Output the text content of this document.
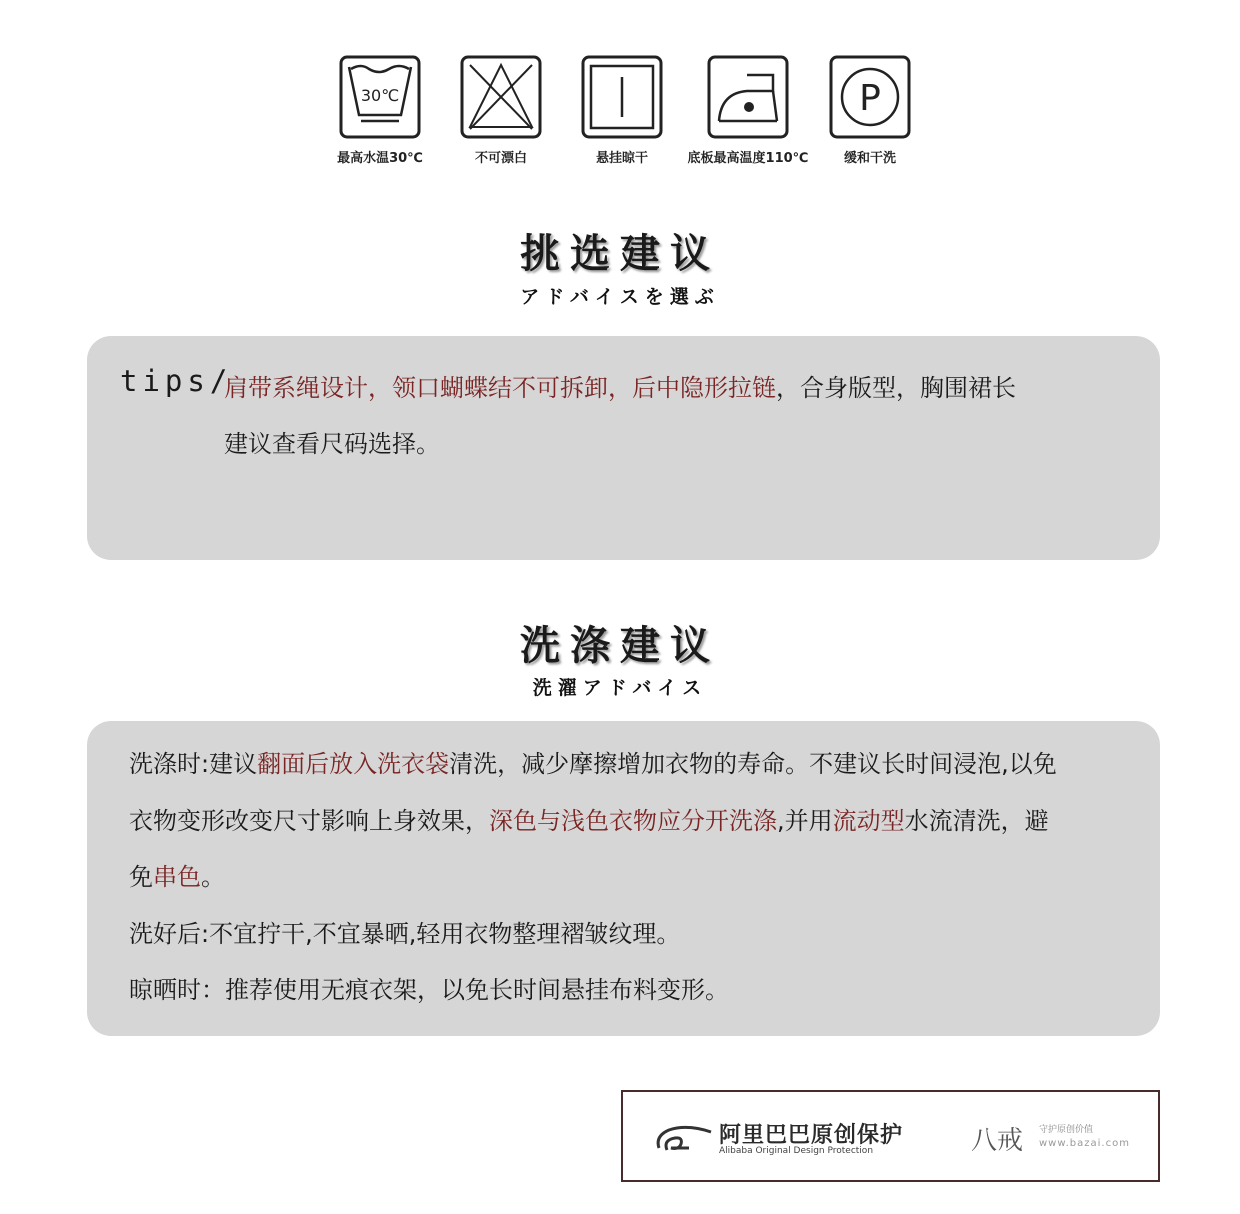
30℃
最高水温30℃	不可漂白	悬挂晾干	底板最高温度110℃
P
缓和干洗
挑选建议
アドバイスを選ぶ
tips/
肩带系绳设计，领口蝴蝶结不可拆卸，后中隐形拉链，合身版型，胸围裙长
建议查看尺码选择。
洗涤建议
洗濯アドバイス
洗涤时:建议翻面后放入洗衣袋清洗，减少摩擦增加衣物的寿命。不建议长时间浸泡,以免
衣物变形改变尺寸影响上身效果，深色与浅色衣物应分开洗涤,并用流动型水流清洗，避
免串色。
洗好后:不宜拧干,不宜暴晒,轻用衣物整理褶皱纹理。
晾晒时：推荐使用无痕衣架，以免长时间悬挂布料变形。
阿里巴巴原创保护
Alibaba Original Design Protection	八戒 守护原创价值
www.bazai.com
